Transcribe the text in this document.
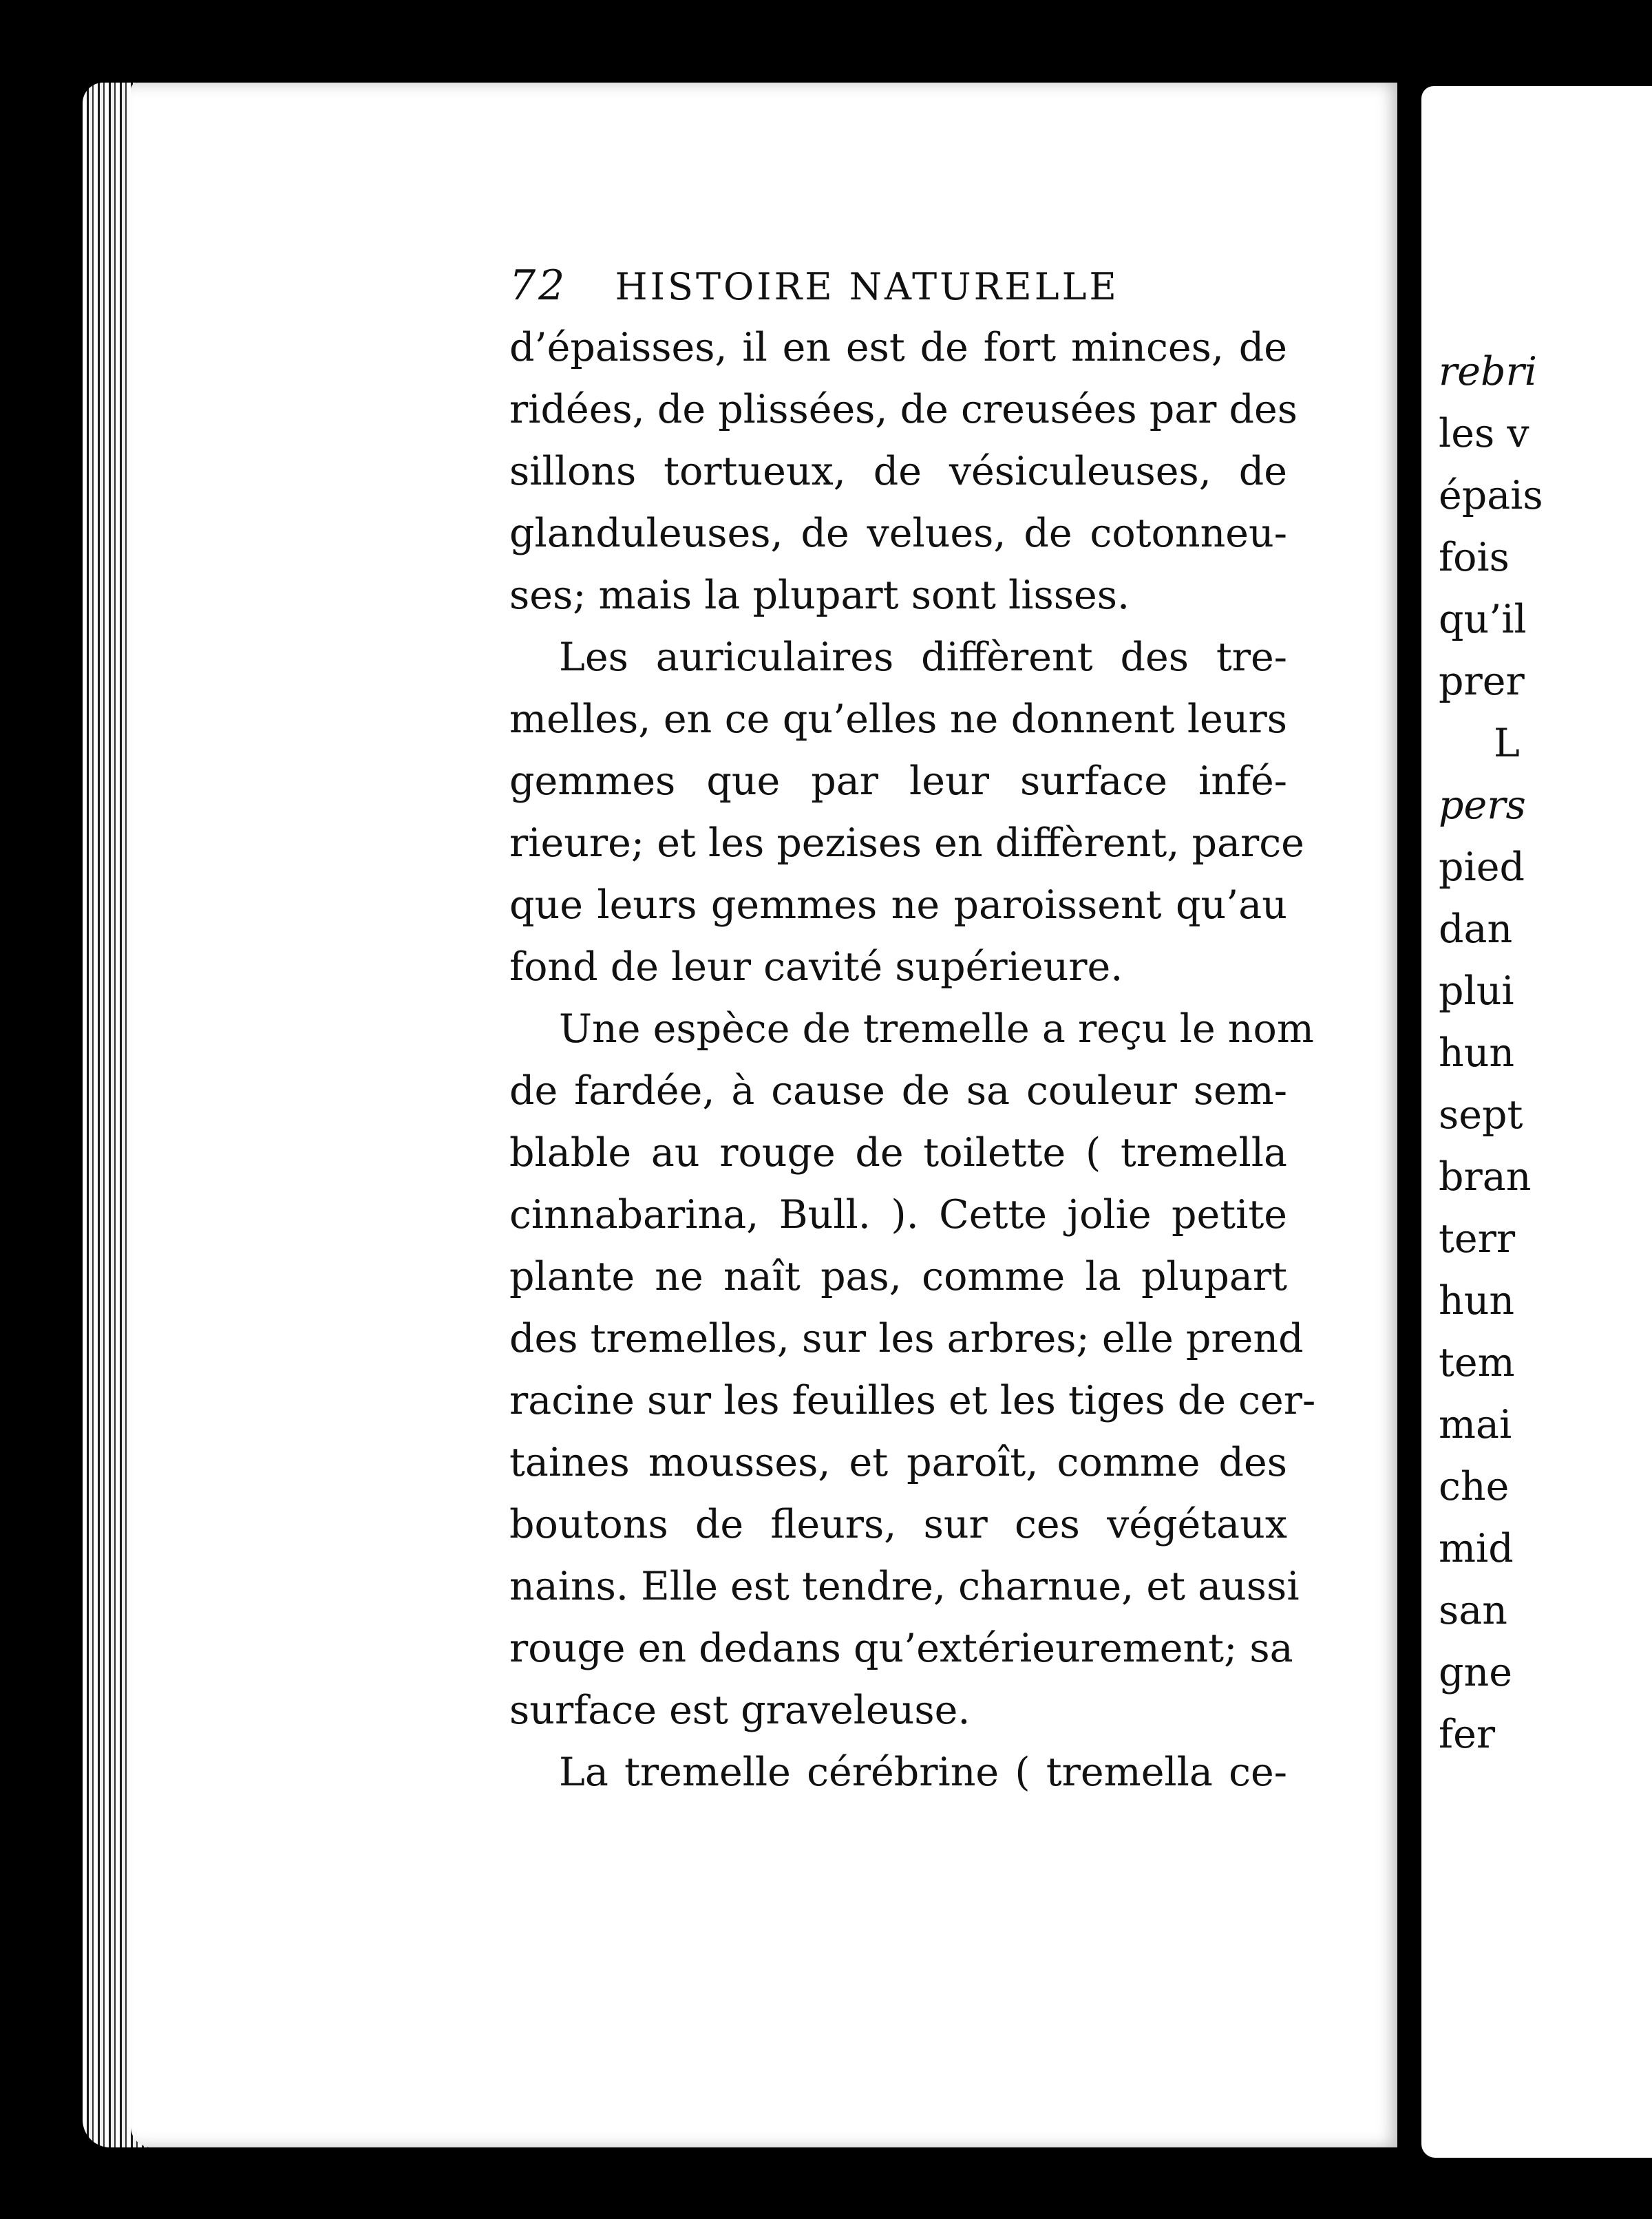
72 HISTOIRE NATURELLE
d’épaisses, il en est de fort minces, de
ridées, de plissées, de creusées par des
sillons tortueux, de vésiculeuses, de
glanduleuses, de velues, de cotonneu-
ses; mais la plupart sont lisses.
Les auriculaires diffèrent des tre-
melles, en ce qu’elles ne donnent leurs
gemmes que par leur surface infé-
rieure; et les pezises en diffèrent, parce
que leurs gemmes ne paroissent qu’au
fond de leur cavité supérieure.
Une espèce de tremelle a reçu le nom
de fardée, à cause de sa couleur sem-
blable au rouge de toilette ( tremella
cinnabarina, Bull. ). Cette jolie petite
plante ne naît pas, comme la plupart
des tremelles, sur les arbres; elle prend
racine sur les feuilles et les tiges de cer-
taines mousses, et paroît, comme des
boutons de fleurs, sur ces végétaux
nains. Elle est tendre, charnue, et aussi
rouge en dedans qu’extérieurement; sa
surface est graveleuse.
La tremelle cérébrine ( tremella ce-
rebri
les v
épais
fois
qu’il
prer
L
pers
pied
dan
plui
hun
sept
bran
terr
hun
tem
mai
che
mid
san
gne
fer
